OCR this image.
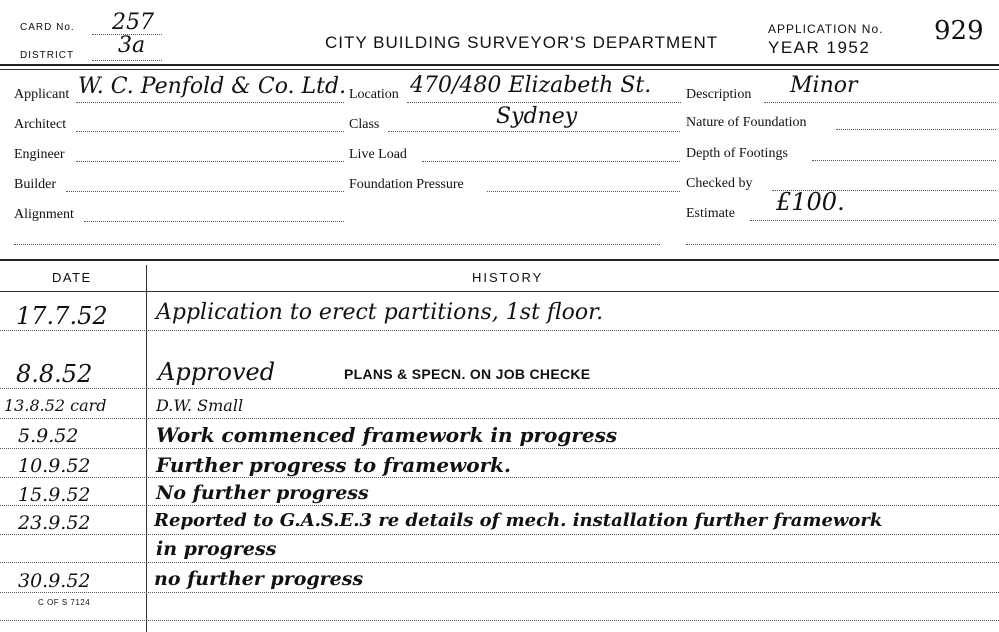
CARD No. 257
DISTRICT 3a	CITY BUILDING SURVEYOR'S DEPARTMENT
APPLICATION No. 929
YEAR 1952
Applicant W. C. Penfold & Co. Ltd.
Architect
Engineer
Builder
Alignment
Location 470/480 Elizabeth St.
Sydney
Class
Live Load
Foundation Pressure
Description Minor
Nature of Foundation
Depth of Footings
Checked by
Estimate £100.
DATE	HISTORY
17.7.52 Application to erect partitions, 1st floor.
8.8.52	Approved	PLANS & SPECN. ON JOB CHECKE
13.8.52 card	D.W. Small
5.9.52	Work commenced framework in progress
10.9.52	Further progress to framework.
15.9.52	No further progress
23.9.52	Reported to G.A.S.E.3 re details of mech. installation further framework
in progress
30.9.52	no further progress
C OF S 7124
